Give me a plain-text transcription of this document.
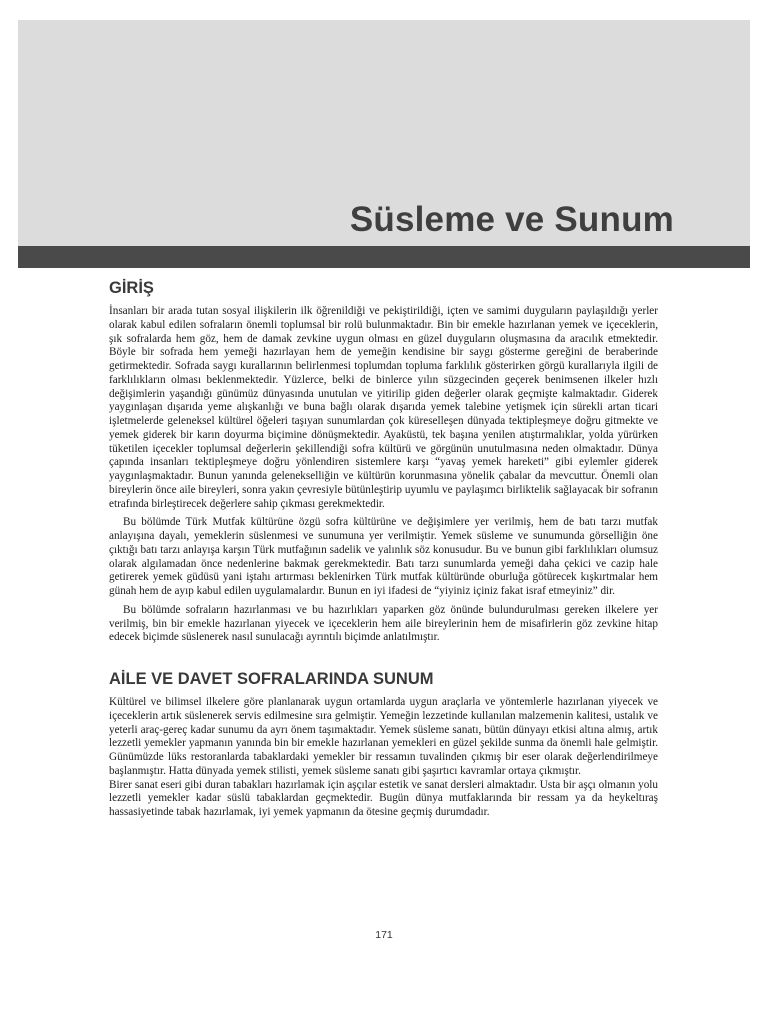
Süsleme ve Sunum
GİRİŞ

İnsanları bir arada tutan sosyal ilişkilerin ilk öğrenildiği ve pekiştirildiği, içten ve samimi duyguların paylaşıldığı yerler olarak kabul edilen sofraların önemli toplumsal bir rolü bulunmaktadır. Bin bir emekle hazırlanan yemek ve içeceklerin, şık sofralarda hem göz, hem de damak zevkine uygun olması en güzel duyguların oluşmasına da aracılık etmektedir. Böyle bir sofrada hem yemeği hazırlayan hem de yemeğin kendisine bir saygı gösterme gereğini de beraberinde getirmektedir. Sofrada saygı kurallarının belirlenmesi toplumdan topluma farklılık gösterirken görgü kurallarıyla ilgili de farklılıkların olması beklenmektedir. Yüzlerce, belki de binlerce yılın süzgecinden geçerek benimsenen ilkeler hızlı değişimlerin yaşandığı günümüz dünyasında unutulan ve yitirilip giden değerler olarak geçmişte kalmaktadır. Giderek yaygınlaşan dışarıda yeme alışkanlığı ve buna bağlı olarak dışarıda yemek talebine yetişmek için sürekli artan ticari işletmelerde geleneksel kültürel öğeleri taşıyan sunumlardan çok küreselleşen dünyada tektipleşmeye doğru gitmekte ve yemek giderek bir karın doyurma biçimine dönüşmektedir. Ayaküstü, tek başına yenilen atıştırmalıklar, yolda yürürken tüketilen içecekler toplumsal değerlerin şekillendiği sofra kültürü ve görgünün unutulmasına neden olmaktadır. Dünya çapında insanları tektipleşmeye doğru yönlendiren sistemlere karşı “yavaş yemek hareketi” gibi eylemler giderek yaygınlaşmaktadır. Bunun yanında gelenekselliğin ve kültürün korunmasına yönelik çabalar da mevcuttur. Önemli olan bireylerin önce aile bireyleri, sonra yakın çevresiyle bütünleştirip uyumlu ve paylaşımcı birliktelik sağlayacak bir sofranın etrafında birleştirecek değerlere sahip çıkması gerekmektedir.

Bu bölümde Türk Mutfak kültürüne özgü sofra kültürüne ve değişimlere yer verilmiş, hem de batı tarzı mutfak anlayışına dayalı, yemeklerin süslenmesi ve sunumuna yer verilmiştir. Yemek süsleme ve sunumunda görselliğin öne çıktığı batı tarzı anlayışa karşın Türk mutfağının sadelik ve yalınlık söz konusudur. Bu ve bunun gibi farklılıkları olumsuz olarak algılamadan önce nedenlerine bakmak gerekmektedir. Batı tarzı sunumlarda yemeği daha çekici ve cazip hale getirerek yemek güdüsü yani iştahı artırması beklenirken Türk mutfak kültüründe oburluğa götürecek kışkırtmalar hem günah hem de ayıp kabul edilen uygulamalardır. Bunun en iyi ifadesi de “yiyiniz içiniz fakat israf etmeyiniz” dir.

Bu bölümde sofraların hazırlanması ve bu hazırlıkları yaparken göz önünde bulundurulması gereken ilkelere yer verilmiş, bin bir emekle hazırlanan yiyecek ve içeceklerin hem aile bireylerinin hem de misafirlerin göz zevkine hitap edecek biçimde süslenerek nasıl sunulacağı ayrıntılı biçimde anlatılmıştır.

AİLE VE DAVET SOFRALARINDA SUNUM

Kültürel ve bilimsel ilkelere göre planlanarak uygun ortamlarda uygun araçlarla ve yöntemlerle hazırlanan yiyecek ve içeceklerin artık süslenerek servis edilmesine sıra gelmiştir. Yemeğin lezzetinde kullanılan malzemenin kalitesi, ustalık ve yeterli araç-gereç kadar sunumu da ayrı önem taşımaktadır. Yemek süsleme sanatı, bütün dünyayı etkisi altına almış, artık lezzetli yemekler yapmanın yanında bin bir emekle hazırlanan yemekleri en güzel şekilde sunma da önemli hale gelmiştir. Günümüzde lüks restoranlarda tabaklardaki yemekler bir ressamın tuvalinden çıkmış bir eser olarak değerlendirilmeye başlanmıştır. Hatta dünyada yemek stilisti, yemek süsleme sanatı gibi şaşırtıcı kavramlar ortaya çıkmıştır.

Birer sanat eseri gibi duran tabakları hazırlamak için aşçılar estetik ve sanat dersleri almaktadır. Usta bir aşçı olmanın yolu lezzetli yemekler kadar süslü tabaklardan geçmektedir. Bugün dünya mutfaklarında bir ressam ya da heykeltıraş hassasiyetinde tabak hazırlamak, iyi yemek yapmanın da ötesine geçmiş durumdadır.

171
